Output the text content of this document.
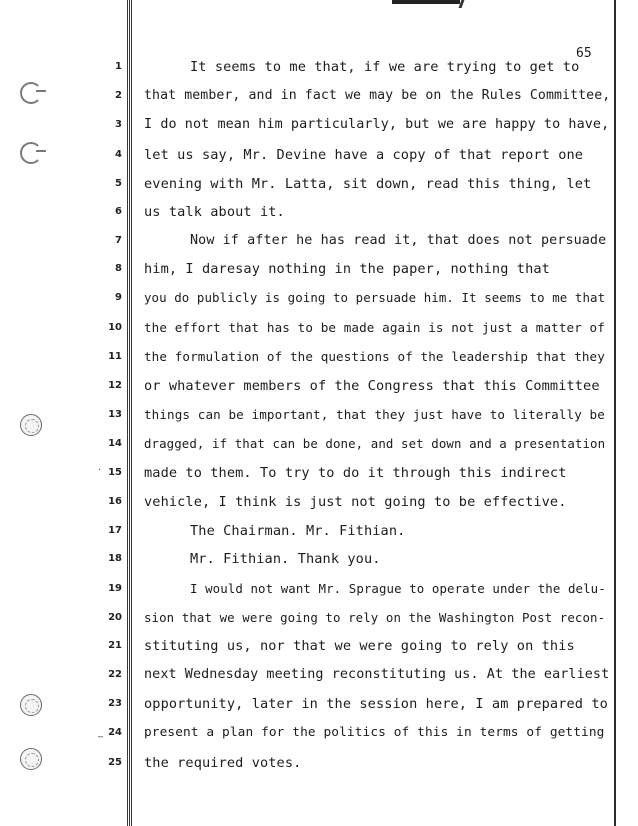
·
_
65
1	It seems to me that, if we are trying to get to
2 that member, and in fact we may be on the Rules Committee,
3 I do not mean him particularly, but we are happy to have,
4 let us say, Mr. Devine have a copy of that report one
5 evening with Mr. Latta, sit down, read this thing, let
6 us talk about it.
7	Now if after he has read it, that does not persuade
8 him, I daresay nothing in the paper, nothing that
9 you do publicly is going to persuade him. It seems to me that
10 the effort that has to be made again is not just a matter of
11 the formulation of the questions of the leadership that they
12 or whatever members of the Congress that this Committee
13 things can be important, that they just have to literally be
14 dragged, if that can be done, and set down and a presentation
15 made to them. To try to do it through this indirect
16 vehicle, I think is just not going to be effective.
17	The Chairman. Mr. Fithian.
18	Mr. Fithian. Thank you.
19	I would not want Mr. Sprague to operate under the delu-
20 sion that we were going to rely on the Washington Post recon-
21 stituting us, nor that we were going to rely on this
22 next Wednesday meeting reconstituting us. At the earliest
23 opportunity, later in the session here, I am prepared to
24 present a plan for the politics of this in terms of getting
25 the required votes.
